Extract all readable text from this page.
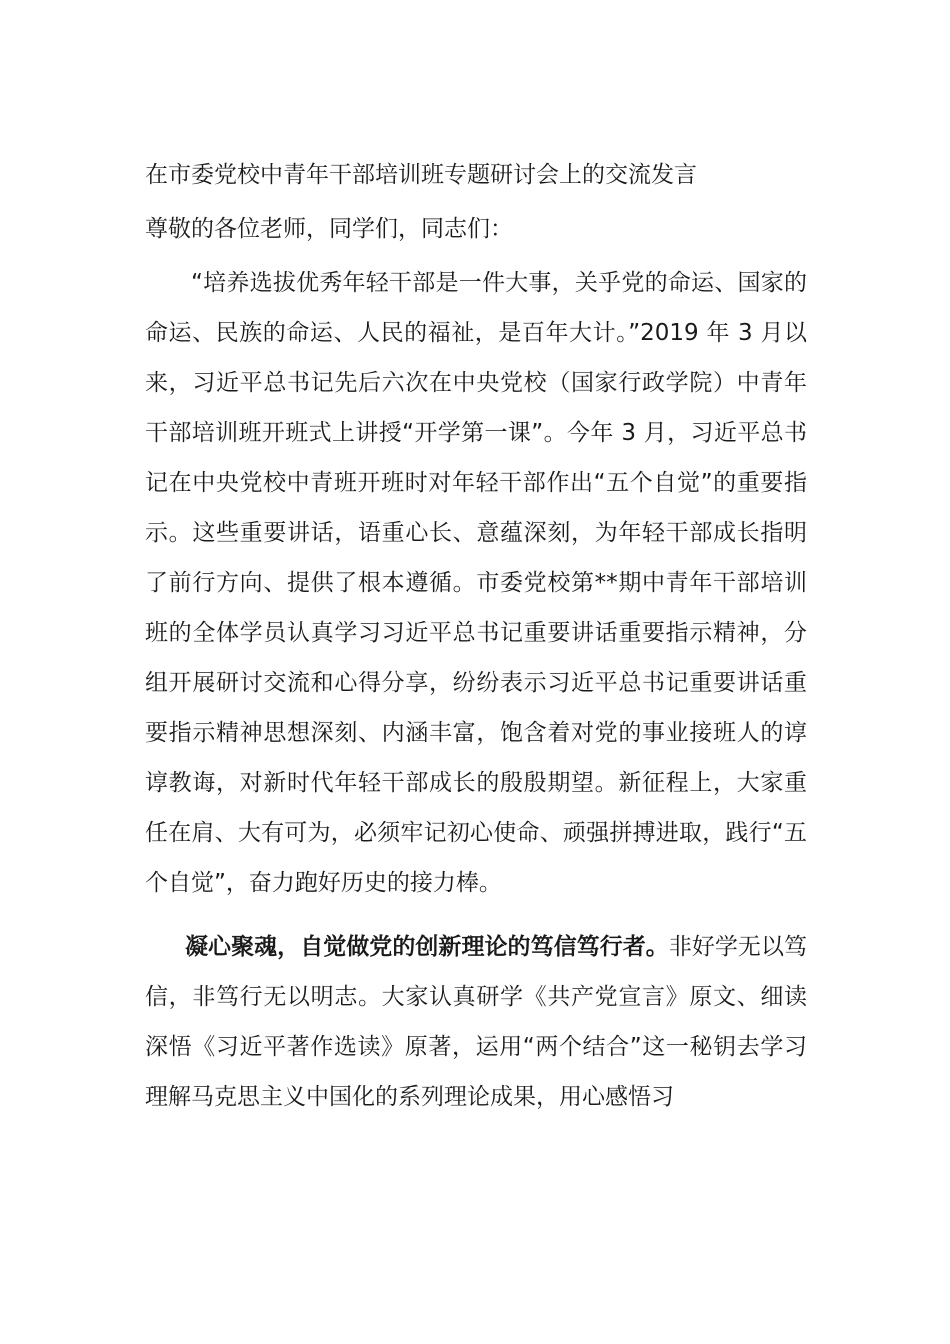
在市委党校中青年干部培训班专题研讨会上的交流发言

尊敬的各位老师，同学们，同志们：

“培养选拔优秀年轻干部是一件大事，关乎党的命运、国家的命运、民族的命运、人民的福祉，是百年大计。”2019 年 3 月以来，习近平总书记先后六次在中央党校（国家行政学院）中青年干部培训班开班式上讲授“开学第一课”。今年 3 月，习近平总书记在中央党校中青班开班时对年轻干部作出“五个自觉”的重要指示。这些重要讲话，语重心长、意蕴深刻，为年轻干部成长指明了前行方向、提供了根本遵循。市委党校第**期中青年干部培训班的全体学员认真学习习近平总书记重要讲话重要指示精神，分组开展研讨交流和心得分享，纷纷表示习近平总书记重要讲话重要指示精神思想深刻、内涵丰富，饱含着对党的事业接班人的谆谆教诲，对新时代年轻干部成长的殷殷期望。新征程上，大家重任在肩、大有可为，必须牢记初心使命、顽强拼搏进取，践行“五个自觉”，奋力跑好历史的接力棒。

凝心聚魂，自觉做党的创新理论的笃信笃行者。非好学无以笃信，非笃行无以明志。大家认真研学《共产党宣言》原文、细读深悟《习近平著作选读》原著，运用“两个结合”这一秘钥去学习理解马克思主义中国化的系列理论成果，用心感悟习
